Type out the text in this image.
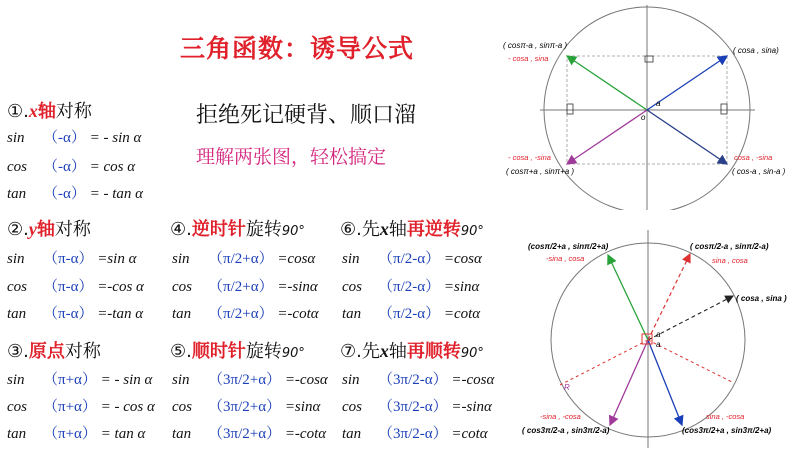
三角函数：诱导公式
拒绝死记硬背、顺口溜
理解两张图，轻松搞定
①.x轴对称
sin （-α） = - sin α
cos （-α） = cos α
tan （-α） = - tan α
②.y轴对称
sin （π-α） =sin α
cos （π-α） =-cos α
tan （π-α） =-tan α
③.原点对称
sin （π+α） = - sin α
cos （π+α） = - cos α
tan （π+α） = tan α
④.逆时针旋转90°
sin （π/2+α） =cosα
cos （π/2+α） =-sinα
tan （π/2+α） =-cotα
⑤.顺时针旋转90°
sin （3π/2+α） =-cosα
cos （3π/2+α） =sinα
tan （3π/2+α） =-cotα
⑥.先x轴再逆转90°
sin （π/2-α） =cosα
cos （π/2-α） =sinα
tan （π/2-α） =cotα
⑦.先x轴再顺转90°
sin （3π/2-α） =-cosα
cos （3π/2-α） =-sinα
tan （3π/2-α） =cotα
( cosπ-a , sinπ-a )
- cosa , sina
( cosa , sina)
- cosa , -sina
( cosπ+a , sinπ+a )
cosa , -sina
( cos-a , sin-a )
o
a
(cosπ/2+a , sinπ/2+a)
-sina , cosa
( cosπ/2-a , sinπ/2-a)
sina , cosa
( cosa , sina )
a
a
R
-sina , -cosa
( cos3π/2-a , sin3π/2-a)
sina , -cosa
(cos3π/2+a , sin3π/2+a)
